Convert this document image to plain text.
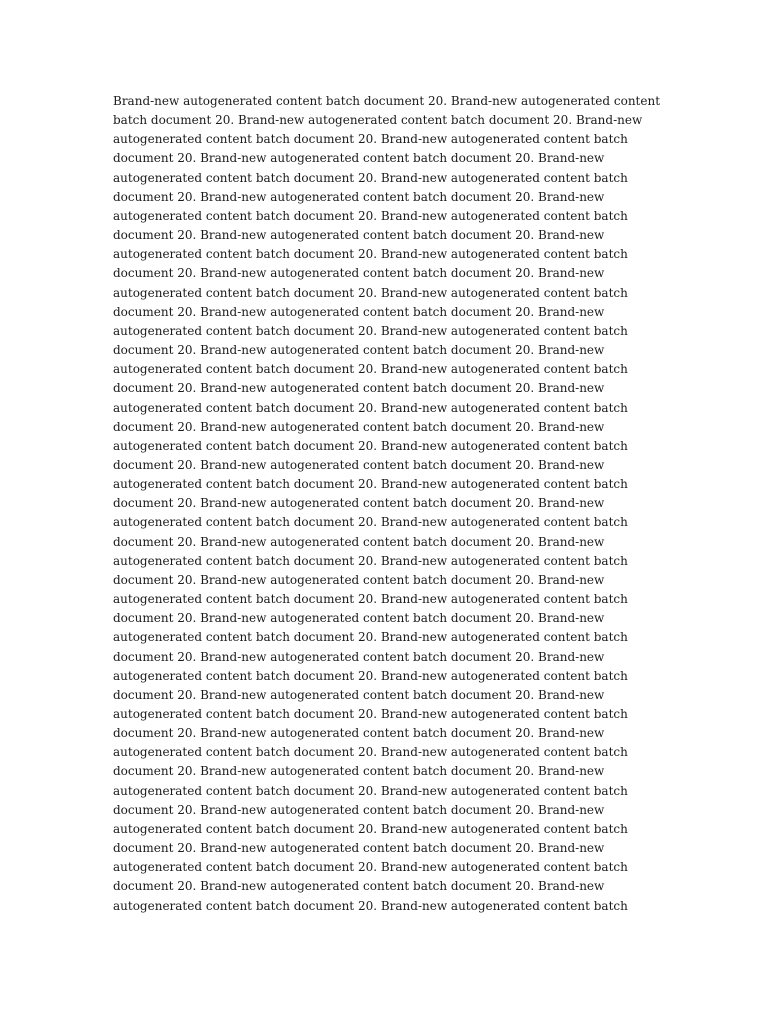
Brand-new autogenerated content batch document 20. Brand-new autogenerated content
batch document 20. Brand-new autogenerated content batch document 20. Brand-new
autogenerated content batch document 20. Brand-new autogenerated content batch
document 20. Brand-new autogenerated content batch document 20. Brand-new
autogenerated content batch document 20. Brand-new autogenerated content batch
document 20. Brand-new autogenerated content batch document 20. Brand-new
autogenerated content batch document 20. Brand-new autogenerated content batch
document 20. Brand-new autogenerated content batch document 20. Brand-new
autogenerated content batch document 20. Brand-new autogenerated content batch
document 20. Brand-new autogenerated content batch document 20. Brand-new
autogenerated content batch document 20. Brand-new autogenerated content batch
document 20. Brand-new autogenerated content batch document 20. Brand-new
autogenerated content batch document 20. Brand-new autogenerated content batch
document 20. Brand-new autogenerated content batch document 20. Brand-new
autogenerated content batch document 20. Brand-new autogenerated content batch
document 20. Brand-new autogenerated content batch document 20. Brand-new
autogenerated content batch document 20. Brand-new autogenerated content batch
document 20. Brand-new autogenerated content batch document 20. Brand-new
autogenerated content batch document 20. Brand-new autogenerated content batch
document 20. Brand-new autogenerated content batch document 20. Brand-new
autogenerated content batch document 20. Brand-new autogenerated content batch
document 20. Brand-new autogenerated content batch document 20. Brand-new
autogenerated content batch document 20. Brand-new autogenerated content batch
document 20. Brand-new autogenerated content batch document 20. Brand-new
autogenerated content batch document 20. Brand-new autogenerated content batch
document 20. Brand-new autogenerated content batch document 20. Brand-new
autogenerated content batch document 20. Brand-new autogenerated content batch
document 20. Brand-new autogenerated content batch document 20. Brand-new
autogenerated content batch document 20. Brand-new autogenerated content batch
document 20. Brand-new autogenerated content batch document 20. Brand-new
autogenerated content batch document 20. Brand-new autogenerated content batch
document 20. Brand-new autogenerated content batch document 20. Brand-new
autogenerated content batch document 20. Brand-new autogenerated content batch
document 20. Brand-new autogenerated content batch document 20. Brand-new
autogenerated content batch document 20. Brand-new autogenerated content batch
document 20. Brand-new autogenerated content batch document 20. Brand-new
autogenerated content batch document 20. Brand-new autogenerated content batch
document 20. Brand-new autogenerated content batch document 20. Brand-new
autogenerated content batch document 20. Brand-new autogenerated content batch
document 20. Brand-new autogenerated content batch document 20. Brand-new
autogenerated content batch document 20. Brand-new autogenerated content batch
document 20. Brand-new autogenerated content batch document 20. Brand-new
autogenerated content batch document 20. Brand-new autogenerated content batch
